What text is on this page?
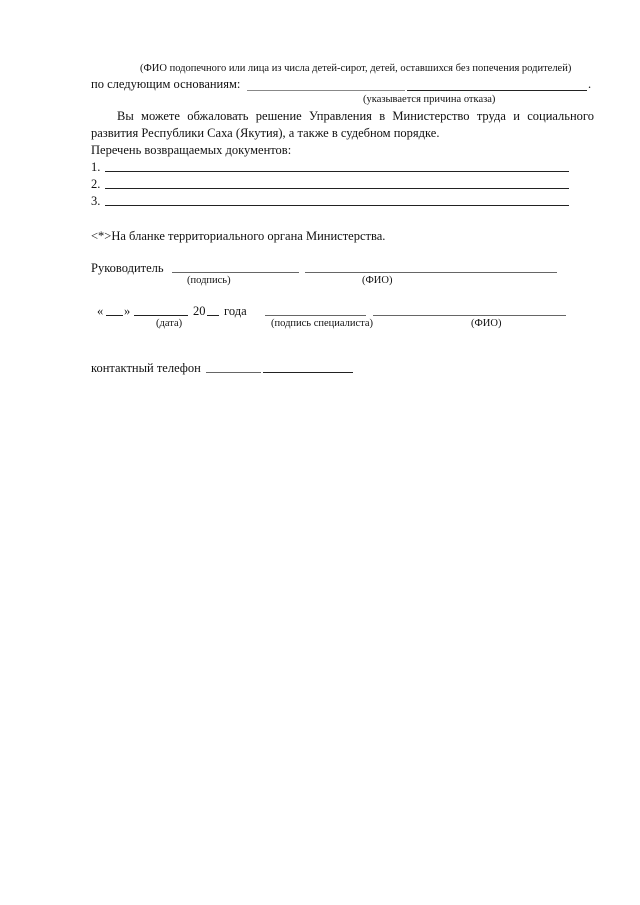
(ФИО подопечного или лица из числа детей-сирот, детей, оставшихся без попечения родителей)
по следующим основаниям:	.
(указывается причина отказа)
Вы можете обжаловать решение Управления в Министерство труда и социального развития Республики Саха (Якутия), а также в судебном порядке.
Перечень возвращаемых документов:
1.
2.
3.
<*>На бланке территориального органа Министерства.
Руководитель
(подпись)	(ФИО)
« »	20 года
(дата)	(подпись специалиста)	(ФИО)
контактный телефон
